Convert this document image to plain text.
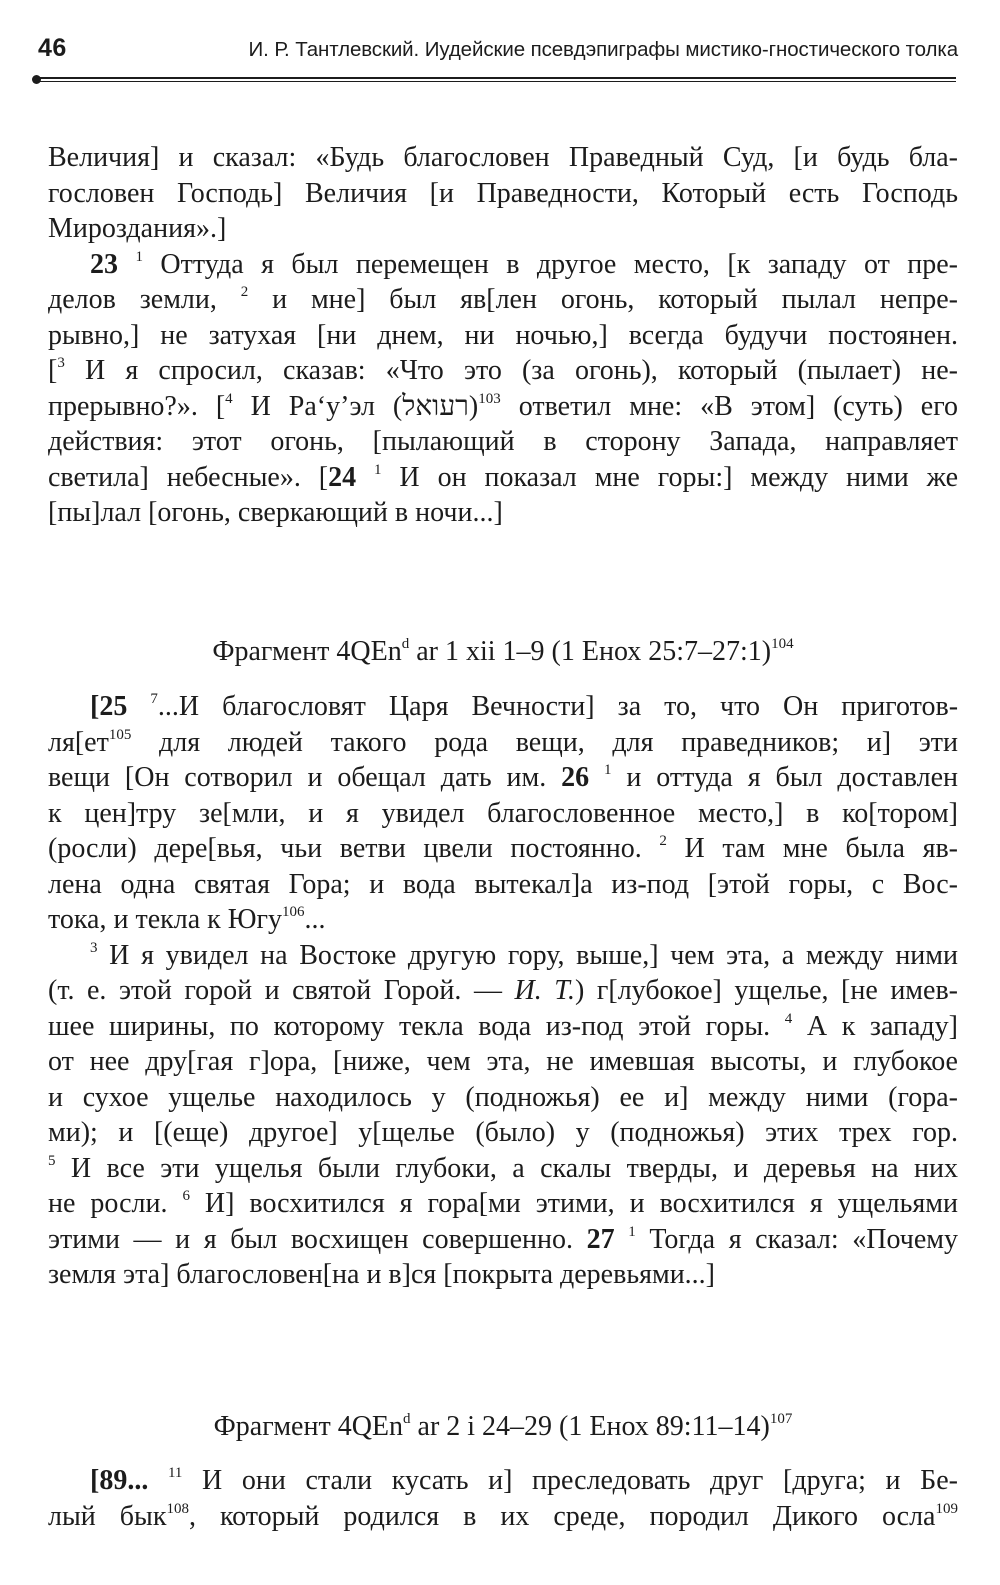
46	И. Р. Тантлевский. Иудейские псевдэпиграфы мистико-гностического толка
Величия] и сказал: «Будь благословен Праведный Суд, [и будь бла-
гословен Господь] Величия [и Праведности, Который есть Господь
Мироздания».]
23 $^1$ Оттуда я был перемещен в другое место, [к западу от пре-
делов земли, $^2$ и мне] был яв[лен огонь, который пылал непре-
рывно,] не затухая [ни днем, ни ночью,] всегда будучи постоянен.
[$^3$ И я спросил, сказав: «Что это (за огонь), который (пылает) не-
прерывно?». [$^4$ И Ра‘у’эл (רעואל)$^{103}$ ответил мне: «В этом] (суть) его
действия: этот огонь, [пылающий в сторону Запада, направляет
светила] небесные». [24 $^1$ И он показал мне горы:] между ними же
[пы]лал [огонь, сверкающий в ночи...]
Фрагмент 4QEn$^d$ ar 1 xii 1–9 (1 Енох 25:7–27:1)$^{104}$
[25 $^7$...И благословят Царя Вечности] за то, что Он приготов-
$ля[ет^{105}$ для людей такого рода вещи, для праведников; и] эти
вещи [Он сотворил и обещал дать им. 26 $^1$ и оттуда я был доставлен
к цен]тру зе[мли, и я увидел благословенное место,] в ко[тором]
(росли) дере[вья, чьи ветви цвели постоянно. $^2$ И там мне была яв-
лена одна святая Гора; и вода вытекал]а из-под [этой горы, с Вос-
тока, и текла к Югу$^{106}$...
$^3$ И я увидел на Востоке другую гору, выше,] чем эта, а между ними
(т. е. этой горой и святой Горой. — И. Т.) г[лубокое] ущелье, [не имев-
шее ширины, по которому текла вода из-под этой горы. $^4$ А к западу]
от нее дру[гая г]ора, [ниже, чем эта, не имевшая высоты, и глубокое
и сухое ущелье находилось у (подножья) ее и] между ними (гора-
ми); и [(еще) другое] у[щелье (было) у (подножья) этих трех гор.
$^5$ И все эти ущелья были глубоки, а скалы тверды, и деревья на них
не росли. $^6$ И] восхитился я гора[ми этими, и восхитился я ущельями
этими — и я был восхищен совершенно. 27 $^1$ Тогда я сказал: «Почему
земля эта] благословен[на и в]ся [покрыта деревьями...]
Фрагмент 4QEn$^d$ ar 2 i 24–29 (1 Енох 89:11–14)$^{107}$
[89... $^{11}$ И они стали кусать и] преследовать друг [друга; и Бе-
лый бык$^{108}$, который родился в их среде, породил Дикого осла$^{109}$
